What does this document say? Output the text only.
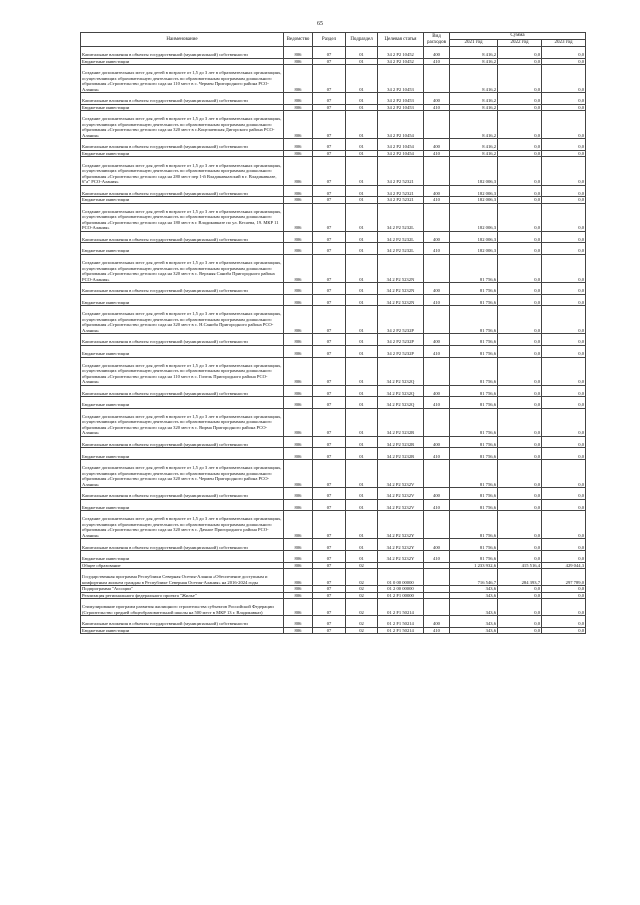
65
Наименование	Ведомство	Раздел	Подраздел	Целевая статья	Вид расходов	Сумма		
						2021 год	2022 год	2023 год
Капитальные вложения в объекты государственной (муниципальной) собственности	806	07	01	34 2 P2 10452	400	8 416,2	0,0	0,0
Бюджетные инвестиции	806	07	01	34 2 P2 10452	410	8 416,2	0,0	0,0
Создание дополнительных мест для детей в возрасте от 1,5 до 3 лет в образовательных организациях, осуществляющих образовательную деятельность по образовательным программам дошкольного образования «Строительство детского сада на 110 мест в с. Чермен Пригородного района РСО-Алания»	806	07	01	34 2 P2 10453		8 416,2	0,0	0,0
Капитальные вложения в объекты государственной (муниципальной) собственности	806	07	01	34 2 P2 10453	400	8 416,2	0,0	0,0
Бюджетные инвестиции	806	07	01	34 2 P2 10453	410	8 416,2	0,0	0,0
Создание дополнительных мест для детей в возрасте от 1,5 до 3 лет в образовательных организациях, осуществляющих образовательную деятельность по образовательным программам дошкольного образования «Строительство детского сада на 320 мест в с.Коцелаевская Дигорского района РСО-Алания»	806	07	01	34 2 P2 10454		8 416,2	0,0	0,0
Капитальные вложения в объекты государственной (муниципальной) собственности	806	07	01	34 2 P2 10454	400	8 416,2	0,0	0,0
Бюджетные инвестиции	806	07	01	34 2 P2 10454	410	8 416,2	0,0	0,0
Создание дополнительных мест для детей в возрасте от 1,5 до 3 лет в образовательных организациях, осуществляющих образовательную деятельность по образовательным программам дошкольного образования «Строительство детского сада на 280 мест пер 1-й Владикавказский в г. Владикавказе, 6"а" РСО-Алания»	806	07	01	34 2 P2 52321		182 006,3	0,0	0,0
Капитальные вложения в объекты государственной (муниципальной) собственности	806	07	01	34 2 P2 52321	400	182 006,3	0,0	0,0
Бюджетные инвестиции	806	07	01	34 2 P2 52321	410	182 006,3	0,0	0,0
Создание дополнительных мест для детей в возрасте от 1,5 до 3 лет в образовательных организациях, осуществляющих образовательную деятельность по образовательным программам дошкольного образования «Строительство детского сада на 180 мест в г. Владикавказе по ул. Кесаева, 19. МКР 11 РСО-Алания»	806	07	01	34 2 P2 5232L		182 006,3	0,0	0,0
Капитальные вложения в объекты государственной (муниципальной) собственности	806	07	01	34 2 P2 5232L	400	182 006,3	0,0	0,0
Бюджетные инвестиции	806	07	01	34 2 P2 5232L	410	182 006,3	0,0	0,0
Создание дополнительных мест для детей в возрасте от 1,5 до 3 лет в образовательных организациях, осуществляющих образовательную деятельность по образовательным программам дошкольного образования «Строительство детского сада на 320 мест в с. Верхняя Саниба Пригородного района РСО-Алания»	806	07	01	34 2 P2 5232N		81 756,6	0,0	0,0
Капитальные вложения в объекты государственной (муниципальной) собственности	806	07	01	34 2 P2 5232N	400	81 756,6	0,0	0,0
Бюджетные инвестиции	806	07	01	34 2 P2 5232N	410	81 756,6	0,0	0,0
Создание дополнительных мест для детей в возрасте от 1,5 до 3 лет в образовательных организациях, осуществляющих образовательную деятельность по образовательным программам дошкольного образования «Строительство детского сада на 320 мест в с. Н.Саниба Пригородного района РСО-Алания»	806	07	01	34 2 P2 5232P		81 756,6	0,0	0,0
Капитальные вложения в объекты государственной (муниципальной) собственности	806	07	01	34 2 P2 5232P	400	81 756,6	0,0	0,0
Бюджетные инвестиции	806	07	01	34 2 P2 5232P	410	81 756,6	0,0	0,0
Создание дополнительных мест для детей в возрасте от 1,5 до 3 лет в образовательных организациях, осуществляющих образовательную деятельность по образовательным программам дошкольного образования «Строительство детского сада на 110 мест в с. Гизель Пригородного района РСО-Алания»	806	07	01	34 2 P2 5232Q		81 756,6	0,0	0,0
Капитальные вложения в объекты государственной (муниципальной) собственности	806	07	01	34 2 P2 5232Q	400	81 756,6	0,0	0,0
Бюджетные инвестиции	806	07	01	34 2 P2 5232Q	410	81 756,6	0,0	0,0
Создание дополнительных мест для детей в возрасте от 1,5 до 3 лет в образовательных организациях, осуществляющих образовательную деятельность по образовательным программам дошкольного образования «Строительство детского сада на 320 мест в с. Вирма Пригородного района РСО-Алания»	806	07	01	34 2 P2 5232R		81 756,6	0,0	0,0
Капитальные вложения в объекты государственной (муниципальной) собственности	806	07	01	34 2 P2 5232R	400	81 756,6	0,0	0,0
Бюджетные инвестиции	806	07	01	34 2 P2 5232R	410	81 756,6	0,0	0,0
Создание дополнительных мест для детей в возрасте от 1,5 до 3 лет в образовательных организациях, осуществляющих образовательную деятельность по образовательным программам дошкольного образования «Строительство детского сада на 320 мест в с. Чермен Пригородного района РСО-Алания»	806	07	01	34 2 P2 5232V		81 756,6	0,0	0,0
Капитальные вложения в объекты государственной (муниципальной) собственности	806	07	01	34 2 P2 5232V	400	81 756,6	0,0	0,0
Бюджетные инвестиции	806	07	01	34 2 P2 5232V	410	81 756,6	0,0	0,0
Создание дополнительных мест для детей в возрасте от 1,5 до 3 лет в образовательных организациях, осуществляющих образовательную деятельность по образовательным программам дошкольного образования «Строительство детского сада на 320 мест в с. Дачное Пригородного района РСО-Алания»	806	07	01	34 2 P2 5232Y		81 756,6	0,0	0,0
Капитальные вложения в объекты государственной (муниципальной) собственности	806	07	01	34 2 P2 5232Y	400	81 756,6	0,0	0,0
Бюджетные инвестиции	806	07	01	34 2 P2 5232Y	410	81 756,6	0,0	0,0
Общее образование	806	07	02			1 233 932,6	415 516,4	429 044,3
Государственная программа Республики Северная Осетия-Алания «Обеспечение доступным и комфортным жильем граждан в Республике Северная Осетия-Алания» на 2016-2024 годы	806	07	02	01 0 00 00000		716 546,7	284 393,7	297 789,0
Подпрограмма "Ассоции"	806	07	02	01 2 00 00000		343,6	0,0	0,0
Реализация регионального федерального проекта "Жилье"	806	07	02	01 2 F1 00000		343,6	0,0	0,0
Стимулирование программ развития жилищного строительства субъектов Российской Федерации (Строительство средней общеобразовательной школы на 500 мест в МКР 13 г. Владикавказ)	806	07	02	01 2 F1 50214		343,6	0,0	0,0
Капитальные вложения в объекты государственной (муниципальной) собственности	806	07	02	01 2 F1 50214	400	343,6	0,0	0,0
Бюджетные инвестиции	806	07	02	01 2 F1 50214	410	343,6	0,0	0,0
